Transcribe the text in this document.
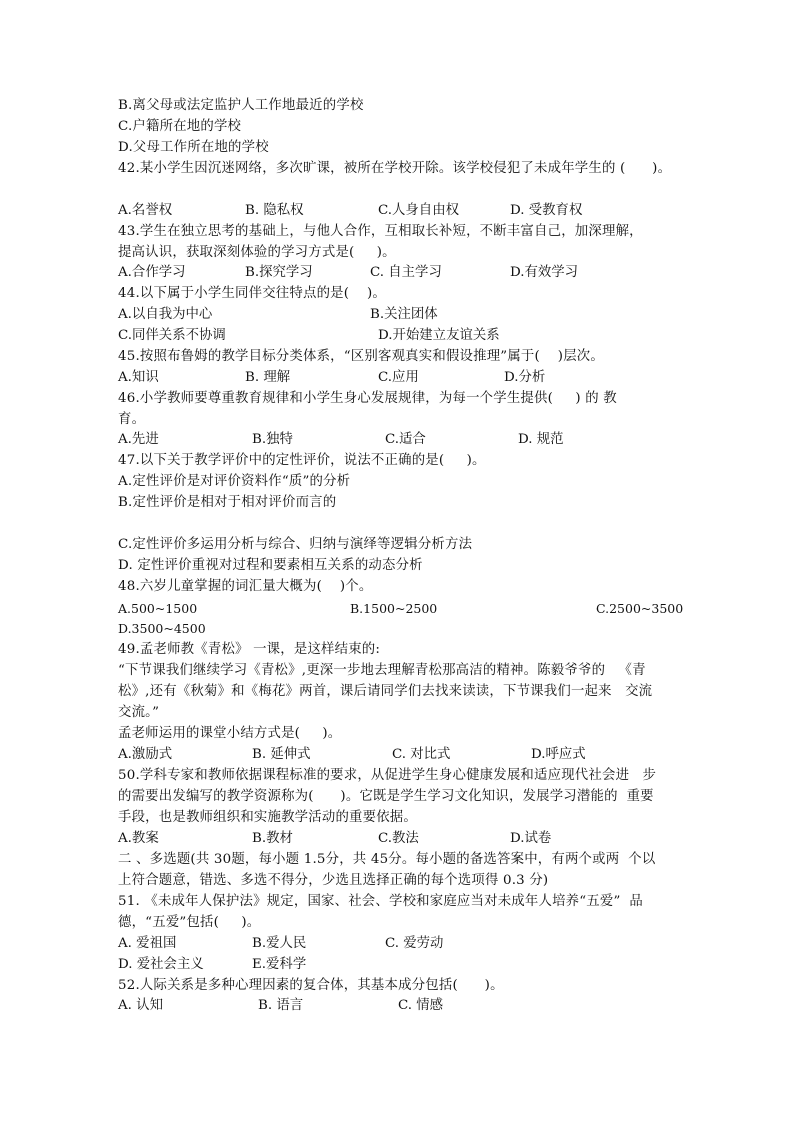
B.离父母或法定监护人工作地最近的学校
C.户籍所在地的学校
D.父母工作所在地的学校
42.某小学生因沉迷网络，多次旷课，被所在学校开除。该学校侵犯了未成年学生的 (      )。
A.名誉权	B. 隐私权	C.人身自由权	D. 受教育权
43.学生在独立思考的基础上，与他人合作，互相取长补短，不断丰富自己，加深理解，
提高认识，获取深刻体验的学习方式是(     )。
A.合作学习	B.探究学习	C. 自主学习	D.有效学习
44.以下属于小学生同伴交往特点的是(    )。
A.以自我为中心	B.关注团体
C.同伴关系不协调	D.开始建立友谊关系
45.按照布鲁姆的教学目标分类体系，“区别客观真实和假设推理”属于(    )层次。
A.知识	B. 理解	C.应用	D.分析
46.小学教师要尊重教育规律和小学生身心发展规律，为每一个学生提供(     ) 的 教
育。
A.先进	B.独特	C.适合	D. 规范
47.以下关于教学评价中的定性评价，说法不正确的是(     )。
A.定性评价是对评价资料作“质”的分析
B.定性评价是相对于相对评价而言的
C.定性评价多运用分析与综合、归纳与演绎等逻辑分析方法
D. 定性评价重视对过程和要素相互关系的动态分析
48.六岁儿童掌握的词汇量大概为(    )个。
A.500~1500	B.1500~2500	C.2500~3500
D.3500~4500
49.孟老师教《青松》 一课，是这样结束的:
“下节课我们继续学习《青松》,更深一步地去理解青松那高洁的精神。陈毅爷爷的   《青
松》,还有《秋菊》和《梅花》两首，课后请同学们去找来读读，下节课我们一起来   交流
交流。”
孟老师运用的课堂小结方式是(     )。
A.激励式	B. 延伸式	C. 对比式	D.呼应式
50.学科专家和教师依据课程标准的要求，从促进学生身心健康发展和适应现代社会进   步
的需要出发编写的教学资源称为(      )。它既是学生学习文化知识，发展学习潜能的  重要
手段，也是教师组织和实施教学活动的重要依据。
A.教案	B.教材	C.教法	D.试卷
二 、多选题(共 30题，每小题 1.5分，共 45分。每小题的备选答案中，有两个或两  个以
上符合题意，错选、多选不得分，少选且选择正确的每个选项得 0.3 分)
51. 《未成年人保护法》规定，国家、社会、学校和家庭应当对未成年人培养“五爱”  品
德，“五爱”包括(     )。
A. 爱祖国	B.爱人民	C. 爱劳动
D. 爱社会主义	E.爱科学
52.人际关系是多种心理因素的复合体，其基本成分包括(      )。
A. 认知	B. 语言	C. 情感
